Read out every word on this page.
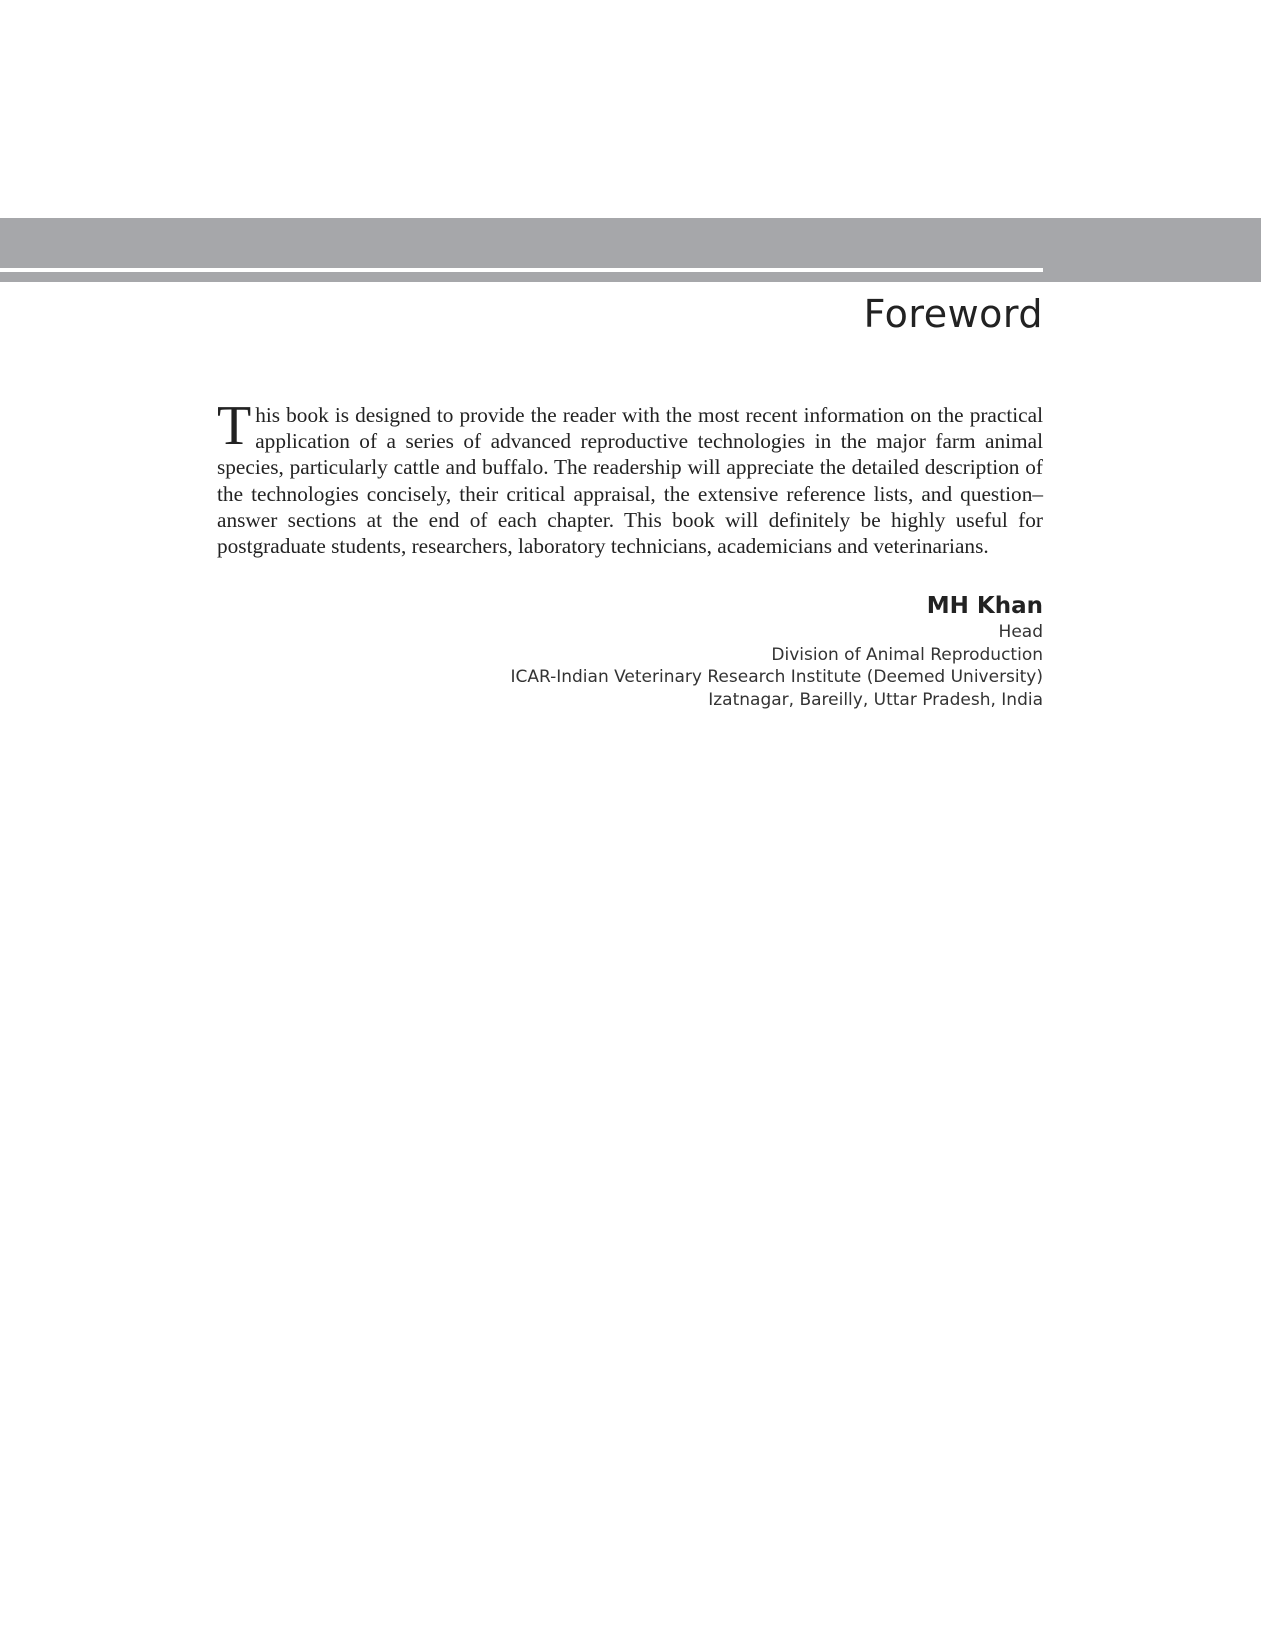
Foreword

This book is designed to provide the reader with the most recent information on the practical application of a series of advanced reproductive technologies in the major farm animal species, particularly cattle and buffalo. The readership will appreciate the detailed description of the technologies concisely, their critical appraisal, the extensive reference lists, and question–answer sections at the end of each chapter. This book will definitely be highly useful for postgraduate students, researchers, laboratory technicians, academicians and veterinarians.

MH Khan
Head
Division of Animal Reproduction
ICAR-Indian Veterinary Research Institute (Deemed University)
Izatnagar, Bareilly, Uttar Pradesh, India
